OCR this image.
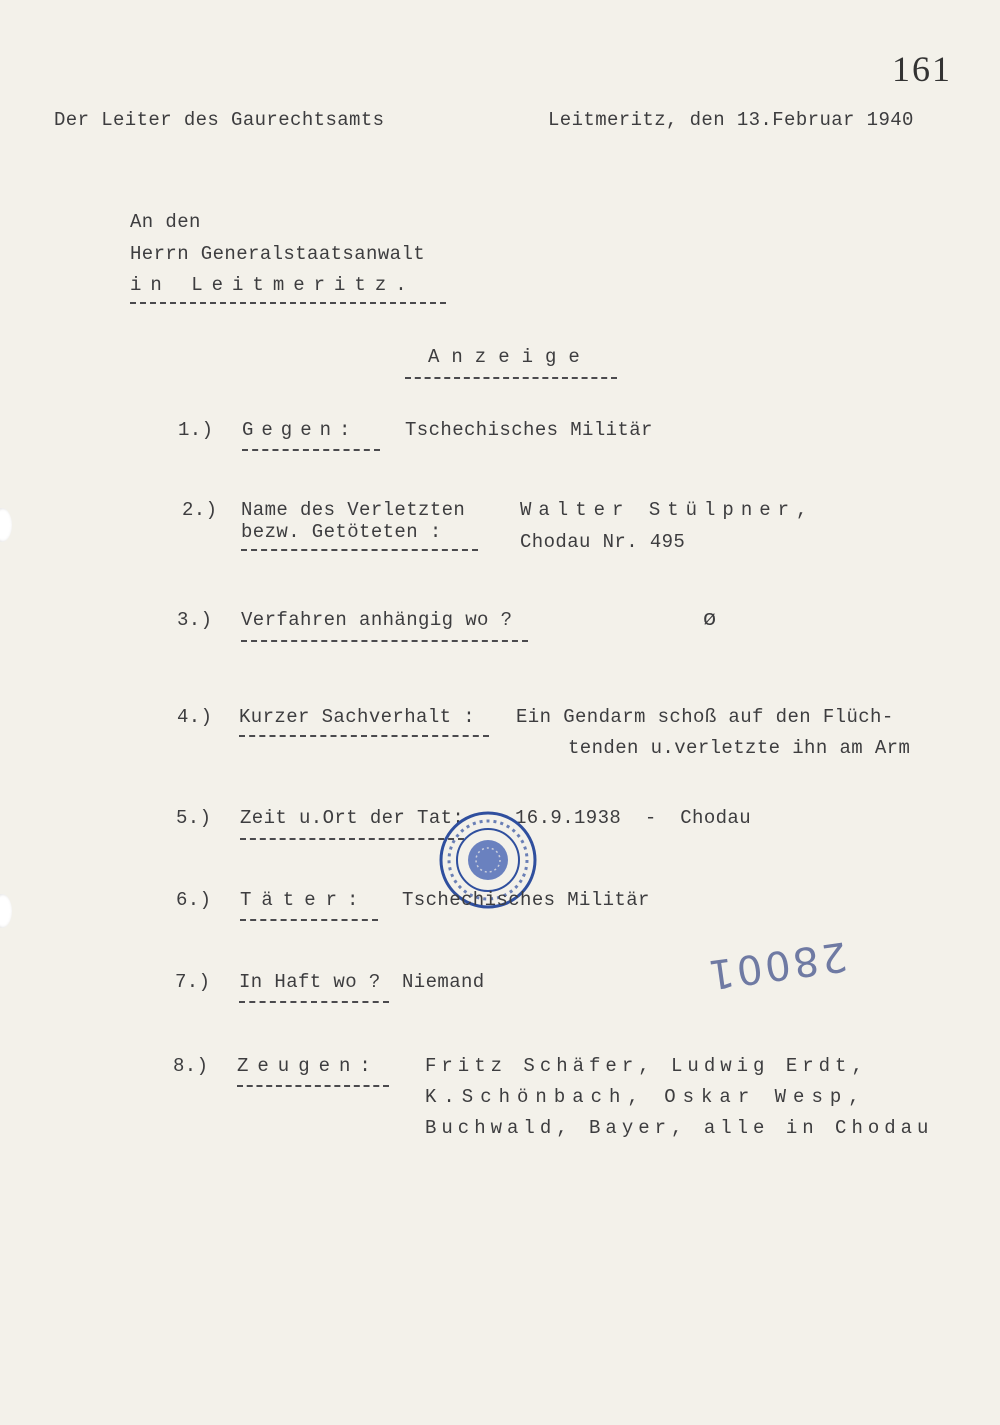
161
Der Leiter des Gaurechtsamts	Leitmeritz, den 13.Februar 1940
An den
Herrn Generalstaatsanwalt
in Leitmeritz.
Anzeige
1.) Gegen: Tschechisches Militär
2.) Name des Verletzten
bezw. Getöteten :
Walter Stülpner,
Chodau Nr. 495
3.) Verfahren anhängig wo ?	ø
4.) Kurzer Sachverhalt : Ein Gendarm schoß auf den Flüch-
tenden u.verletzte ihn am Arm
5.) Zeit u.Ort der Tat:	16.9.1938  -  Chodau
6.) Täter: Tschechisches Militär
28001
7.) In Haft wo ? Niemand
8.) Zeugen: Fritz Schäfer, Ludwig Erdt,
K.Schönbach, Oskar Wesp,
Buchwald, Bayer, alle in Chodau
